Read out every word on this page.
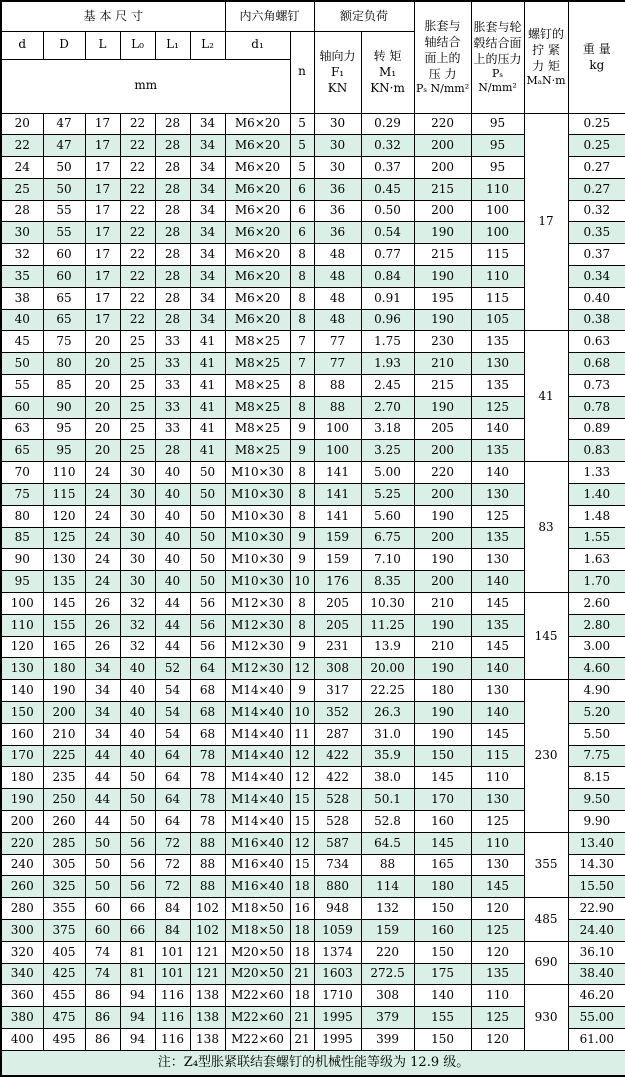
基 本 尺 寸						内六角螺钉		额定负荷		胀套与
轴结合
面上的
压 力
Pₛ N/mm²	胀套与轮
毂结合面
上的压力
Pₛ N/mm²	螺钉的
拧 紧
力 矩
MₐN·m	重 量
kg

d	D	L	L₀	L₁	L₂	d₁	n	轴向力
F₁
KN	转 矩
M₁
KN·m				

mm													
20	47	17	22	28	34	M6×20	5	30	0.29	220	95	17	0.25
22	47	17	22	28	34	M6×20	5	30	0.32	200	95		0.25
24	50	17	22	28	34	M6×20	5	30	0.37	200	95		0.27
25	50	17	22	28	34	M6×20	6	36	0.45	215	110		0.27
28	55	17	22	28	34	M6×20	6	36	0.50	200	100		0.32
30	55	17	22	28	34	M6×20	6	36	0.54	190	100		0.35
32	60	17	22	28	34	M6×20	8	48	0.77	215	115		0.37
35	60	17	22	28	34	M6×20	8	48	0.84	190	110		0.34
38	65	17	22	28	34	M6×20	8	48	0.91	195	115		0.40
40	65	17	22	28	34	M6×20	8	48	0.96	190	105		0.38
45	75	20	25	33	41	M8×25	7	77	1.75	230	135	41	0.63
50	80	20	25	33	41	M8×25	7	77	1.93	210	130		0.68
55	85	20	25	33	41	M8×25	8	88	2.45	215	135		0.73
60	90	20	25	33	41	M8×25	8	88	2.70	190	125		0.78
63	95	20	25	33	41	M8×25	9	100	3.18	205	140		0.89
65	95	20	25	28	41	M8×25	9	100	3.25	200	135		0.83
70	110	24	30	40	50	M10×30	8	141	5.00	220	140	83	1.33
75	115	24	30	40	50	M10×30	8	141	5.25	200	130		1.40
80	120	24	30	40	50	M10×30	8	141	5.60	190	125		1.48
85	125	24	30	40	50	M10×30	9	159	6.75	200	135		1.55
90	130	24	30	40	50	M10×30	9	159	7.10	190	130		1.63
95	135	24	30	40	50	M10×30	10	176	8.35	200	140		1.70
100	145	26	32	44	56	M12×30	8	205	10.30	210	145	145	2.60
110	155	26	32	44	56	M12×30	8	205	11.25	190	135		2.80
120	165	26	32	44	56	M12×30	9	231	13.9	210	145		3.00
130	180	34	40	52	64	M12×30	12	308	20.00	190	140		4.60
140	190	34	40	54	68	M14×40	9	317	22.25	180	130	230	4.90
150	200	34	40	54	68	M14×40	10	352	26.3	190	140		5.20
160	210	34	40	54	68	M14×40	11	287	31.0	190	145		5.50
170	225	44	40	64	78	M14×40	12	422	35.9	150	115		7.75
180	235	44	50	64	78	M14×40	12	422	38.0	145	110		8.15
190	250	44	50	64	78	M14×40	15	528	50.1	170	130		9.50
200	260	44	50	64	78	M14×40	15	528	52.8	160	125		9.90
220	285	50	56	72	88	M16×40	12	587	64.5	145	110	355	13.40
240	305	50	56	72	88	M16×40	15	734	88	165	130		14.30
260	325	50	56	72	88	M16×40	18	880	114	180	145		15.50
280	355	60	66	84	102	M18×50	16	948	132	150	120	485	22.90
300	375	60	66	84	102	M18×50	18	1059	159	160	125		24.40
320	405	74	81	101	121	M20×50	18	1374	220	150	120	690	36.10
340	425	74	81	101	121	M20×50	21	1603	272.5	175	135		38.40
360	455	86	94	116	138	M22×60	18	1710	308	140	110	930	46.20
380	475	86	94	116	138	M22×60	21	1995	379	155	125		55.00
400	495	86	94	116	138	M22×60	21	1995	399	150	120		61.00
注：Z₄型胀紧联结套螺钉的机械性能等级为 12.9 级。													
